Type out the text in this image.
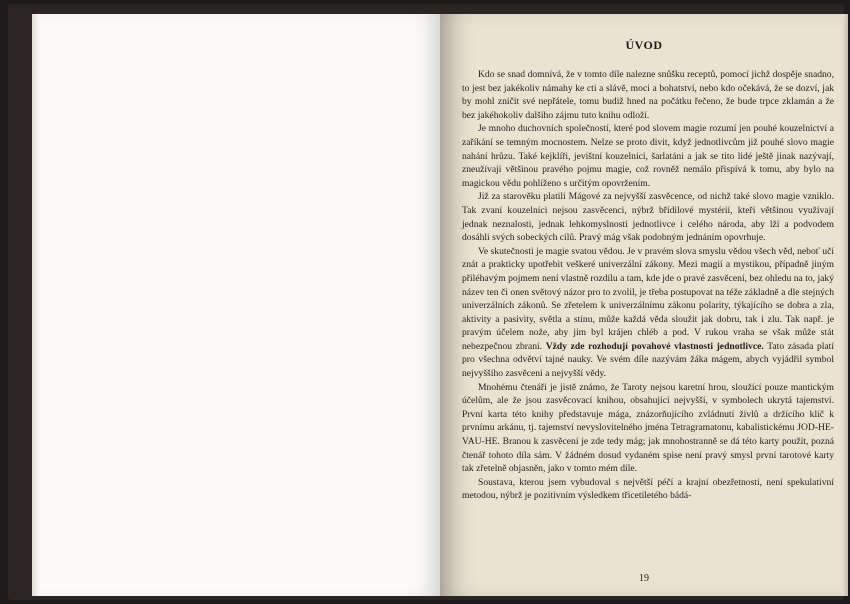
ÚVOD

Kdo se snad domnívá, že v tomto díle nalezne snůšku receptů, pomocí jichž dospěje snadno, to jest bez jakékoliv námahy ke cti a slávě, moci a bohatství, nebo kdo očekává, že se dozví, jak by mohl zničit své nepřátele, tomu budiž hned na počátku řečeno, že bude trpce zklamán a že bez jakéhokoliv dalšího zájmu tuto knihu odloží.

Je mnoho duchovních společností, které pod slovem magie rozumí jen pouhé kouzelnictví a zaříkání se temným mocnostem. Nelze se proto divit, když jednotlivcům již pouhé slovo magie nahání hrůzu. Také kejklíři, jevištní kouzelníci, šarlatáni a jak se tito lidé ještě jinak nazývají, zneužívají většinou pravého pojmu magie, což rovněž nemálo přispívá k tomu, aby bylo na magickou vědu pohlíženo s určitým opovržením.

Již za starověku platili Mágové za nejvyšší zasvěcence, od nichž také slovo magie vzniklo. Tak zvaní kouzelníci nejsou zasvěcenci, nýbrž břídilové mystérií, kteří většinou využívají jednak neznalosti, jednak lehkomyslnosti jednotlivce i celého národa, aby lží a podvodem dosáhli svých sobeckých cílů. Pravý mág však podobným jednáním opovrhuje.

Ve skutečnosti je magie svatou vědou. Je v pravém slova smyslu vědou všech věd, neboť učí znát a prakticky upotřebit veškeré univerzální zákony. Mezi magií a mystikou, případně jiným přiléhavým pojmem není vlastně rozdílu a tam, kde jde o pravé zasvěcení, bez ohledu na to, jaký název ten či onen světový názor pro to zvolil, je třeba postupovat na téže základně a dle stejných univerzálních zákonů. Se zřetelem k univerzálnímu zákonu polarity, týkajícího se dobra a zla, aktivity a pasivity, světla a stínu, může každá věda sloužit jak dobru, tak i zlu. Tak např. je pravým účelem nože, aby jím byl krájen chléb a pod. V rukou vraha se však může stát nebezpečnou zbraní. Vždy zde rozhodují povahové vlastnosti jednotlivce. Tato zásada platí pro všechna odvětví tajné nauky. Ve svém díle nazývám žáka mágem, abych vyjádřil symbol nejvyššího zasvěcení a nejvyšší vědy.

Mnohému čtenáři je jistě známo, že Taroty nejsou karetní hrou, sloužící pouze mantickým účelům, ale že jsou zasvěcovací knihou, obsahující nejvyšší, v symbolech ukrytá tajemství. První karta této knihy představuje mága, znázorňujícího zvládnutí živlů a držícího klíč k prvnímu arkánu, tj. tajemství nevyslovitelného jména Tetragramatonu, kabalistickému JOD-HE-VAU-HE. Branou k zasvěcení je zde tedy mág; jak mnohostranně se dá této karty použít, pozná čtenář tohoto díla sám. V žádném dosud vydaném spise není pravý smysl první tarotové karty tak zřetelně objasněn, jako v tomto mém díle.

Soustava, kterou jsem vybudoval s největší péčí a krajní obezřetností, není spekulativní metodou, nýbrž je pozitivním výsledkem třicetiletého bádá-

19
